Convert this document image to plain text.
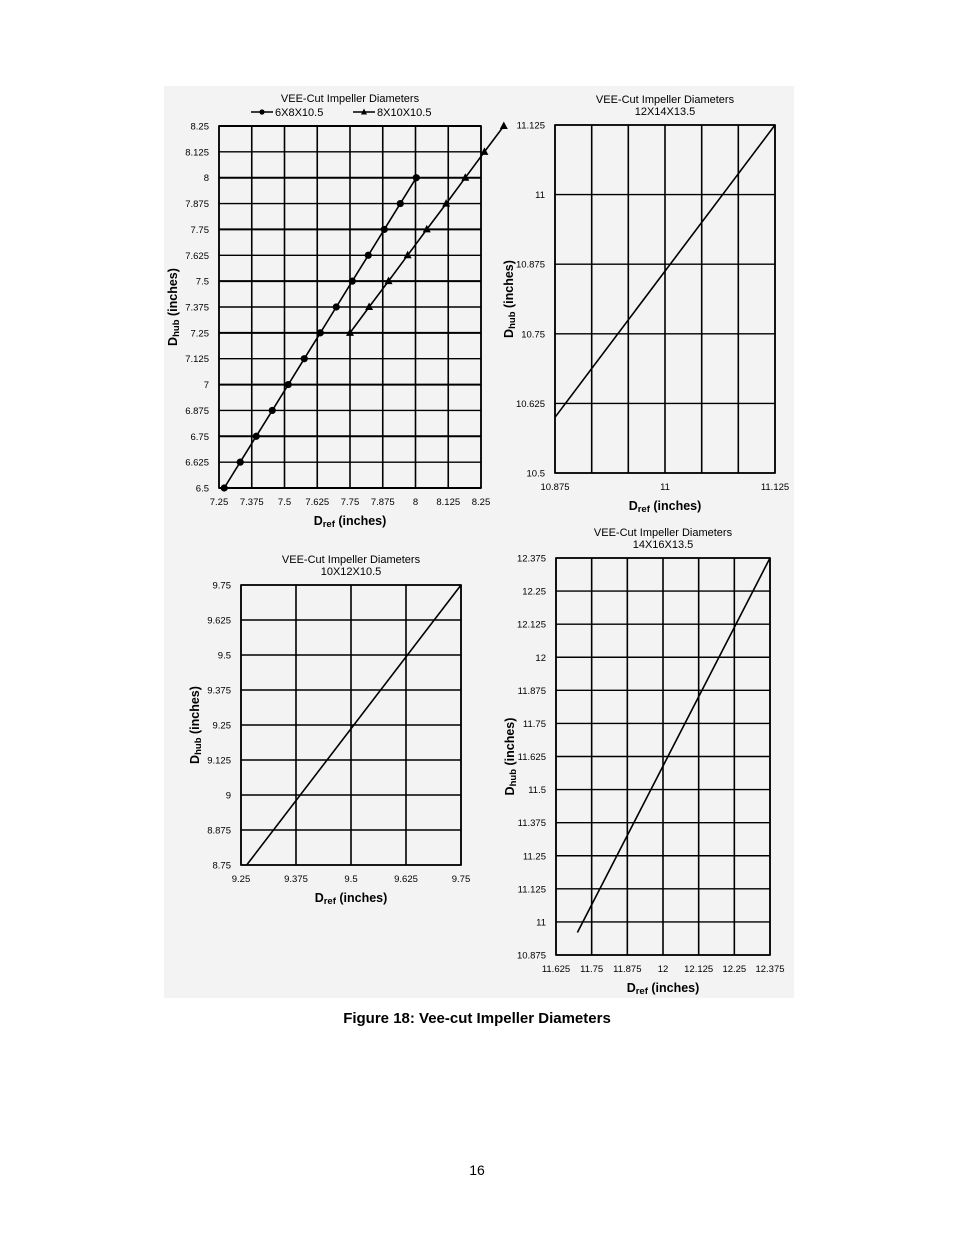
7.25 7.375 7.5 7.625 7.75 7.875 8 8.125 8.25
6.5
6.625
6.75
6.875
7
7.125
7.25
7.375
7.5
7.625
7.75
7.875
8
8.125
8.25
VEE-Cut Impeller Diameters
Dref (inches)
Dhub (inches)
6X8X10.5	8X10X10.5
10.875	11	11.125
10.5
10.625
10.75
10.875
11
11.125
VEE-Cut Impeller Diameters
12X14X13.5
Dref (inches)
Dhub (inches)
9.25	9.375	9.5	9.625	9.75
8.75
8.875
9
9.125
9.25
9.375
9.5
9.625
9.75
VEE-Cut Impeller Diameters
10X12X10.5
Dref (inches)
Dhub (inches)
11.625 11.75 11.875 12 12.125 12.25 12.375
10.875
11
11.125
11.25
11.375
11.5
11.625
11.75
11.875
12
12.125
12.25
12.375
VEE-Cut Impeller Diameters
14X16X13.5
Dref (inches)
Dhub (inches)
Figure 18: Vee-cut Impeller Diameters
16
